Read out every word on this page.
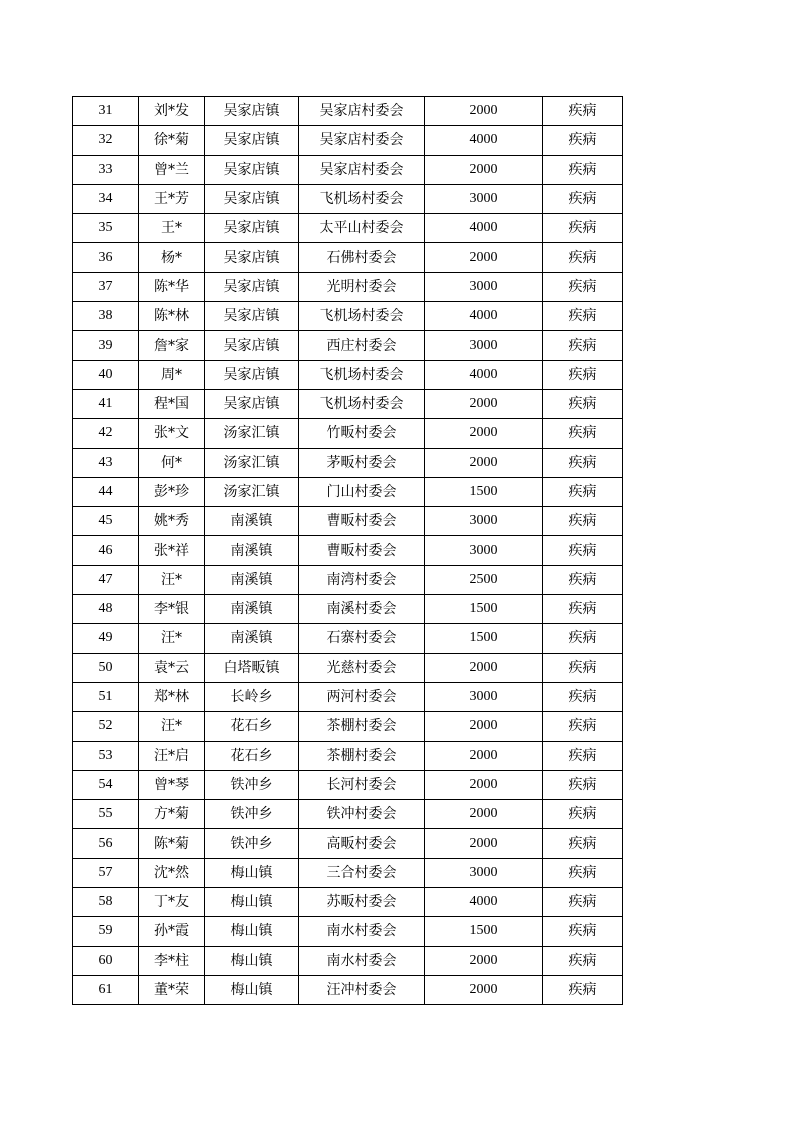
31	刘*发	吴家店镇	吴家店村委会	2000	疾病
32	徐*菊	吴家店镇	吴家店村委会	4000	疾病
33	曾*兰	吴家店镇	吴家店村委会	2000	疾病
34	王*芳	吴家店镇	飞机场村委会	3000	疾病
35	王*	吴家店镇	太平山村委会	4000	疾病
36	杨*	吴家店镇	石佛村委会	2000	疾病
37	陈*华	吴家店镇	光明村委会	3000	疾病
38	陈*林	吴家店镇	飞机场村委会	4000	疾病
39	詹*家	吴家店镇	西庄村委会	3000	疾病
40	周*	吴家店镇	飞机场村委会	4000	疾病
41	程*国	吴家店镇	飞机场村委会	2000	疾病
42	张*文	汤家汇镇	竹畈村委会	2000	疾病
43	何*	汤家汇镇	茅畈村委会	2000	疾病
44	彭*珍	汤家汇镇	门山村委会	1500	疾病
45	姚*秀	南溪镇	曹畈村委会	3000	疾病
46	张*祥	南溪镇	曹畈村委会	3000	疾病
47	汪*	南溪镇	南湾村委会	2500	疾病
48	李*银	南溪镇	南溪村委会	1500	疾病
49	汪*	南溪镇	石寨村委会	1500	疾病
50	袁*云	白塔畈镇	光慈村委会	2000	疾病
51	郑*林	长岭乡	两河村委会	3000	疾病
52	汪*	花石乡	茶棚村委会	2000	疾病
53	汪*启	花石乡	茶棚村委会	2000	疾病
54	曾*琴	铁冲乡	长河村委会	2000	疾病
55	方*菊	铁冲乡	铁冲村委会	2000	疾病
56	陈*菊	铁冲乡	高畈村委会	2000	疾病
57	沈*然	梅山镇	三合村委会	3000	疾病
58	丁*友	梅山镇	苏畈村委会	4000	疾病
59	孙*霞	梅山镇	南水村委会	1500	疾病
60	李*柱	梅山镇	南水村委会	2000	疾病
61	董*荣	梅山镇	汪冲村委会	2000	疾病
